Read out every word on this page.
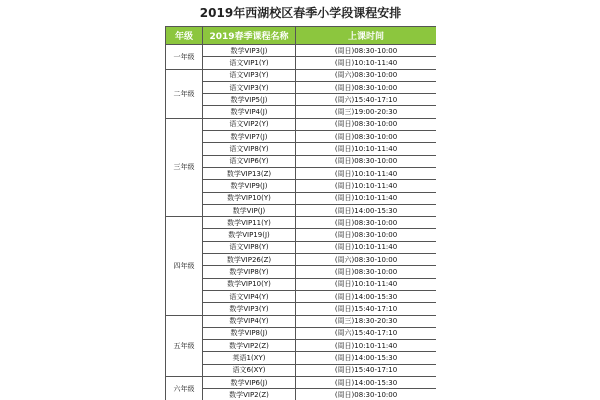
2019年西湖校区春季小学段课程安排
年级	2019春季课程名称	上课时间
一年级	数学VIP3(J)	(周日)08:30-10:00
	语文VIP1(Y)	(周日)10:10-11:40
二年级	语文VIP3(Y)	(周六)08:30-10:00
	语文VIP3(Y)	(周日)08:30-10:00
	数学VIP5(J)	(周六)15:40-17:10
	数学VIP4(J)	(周三)19:00-20:30
三年级	语文VIP2(Y)	(周日)08:30-10:00
	数学VIP7(J)	(周日)08:30-10:00
	语文VIP8(Y)	(周日)10:10-11:40
	语文VIP6(Y)	(周日)08:30-10:00
	数学VIP13(Z)	(周日)10:10-11:40
	数学VIP9(J)	(周日)10:10-11:40
	数学VIP10(Y)	(周日)10:10-11:40
	数学VIP(J)	(周日)14:00-15:30
四年级	数学VIP11(Y)	(周日)08:30-10:00
	数学VIP19(J)	(周日)08:30-10:00
	语文VIP8(Y)	(周日)10:10-11:40
	数学VIP26(Z)	(周六)08:30-10:00
	数学VIP8(Y)	(周日)08:30-10:00
	数学VIP10(Y)	(周日)10:10-11:40
	语文VIP4(Y)	(周日)14:00-15:30
	数学VIP3(Y)	(周日)15:40-17:10
五年级	数学VIP4(Y)	(周三)18:30-20:30
	数学VIP8(J)	(周六)15:40-17:10
	数学VIP2(Z)	(周日)10:10-11:40
	英语1(XY)	(周日)14:00-15:30
	语文6(XY)	(周日)15:40-17:10
六年级	数学VIP6(J)	(周日)14:00-15:30
	数学VIP2(Z)	(周日)08:30-10:00
